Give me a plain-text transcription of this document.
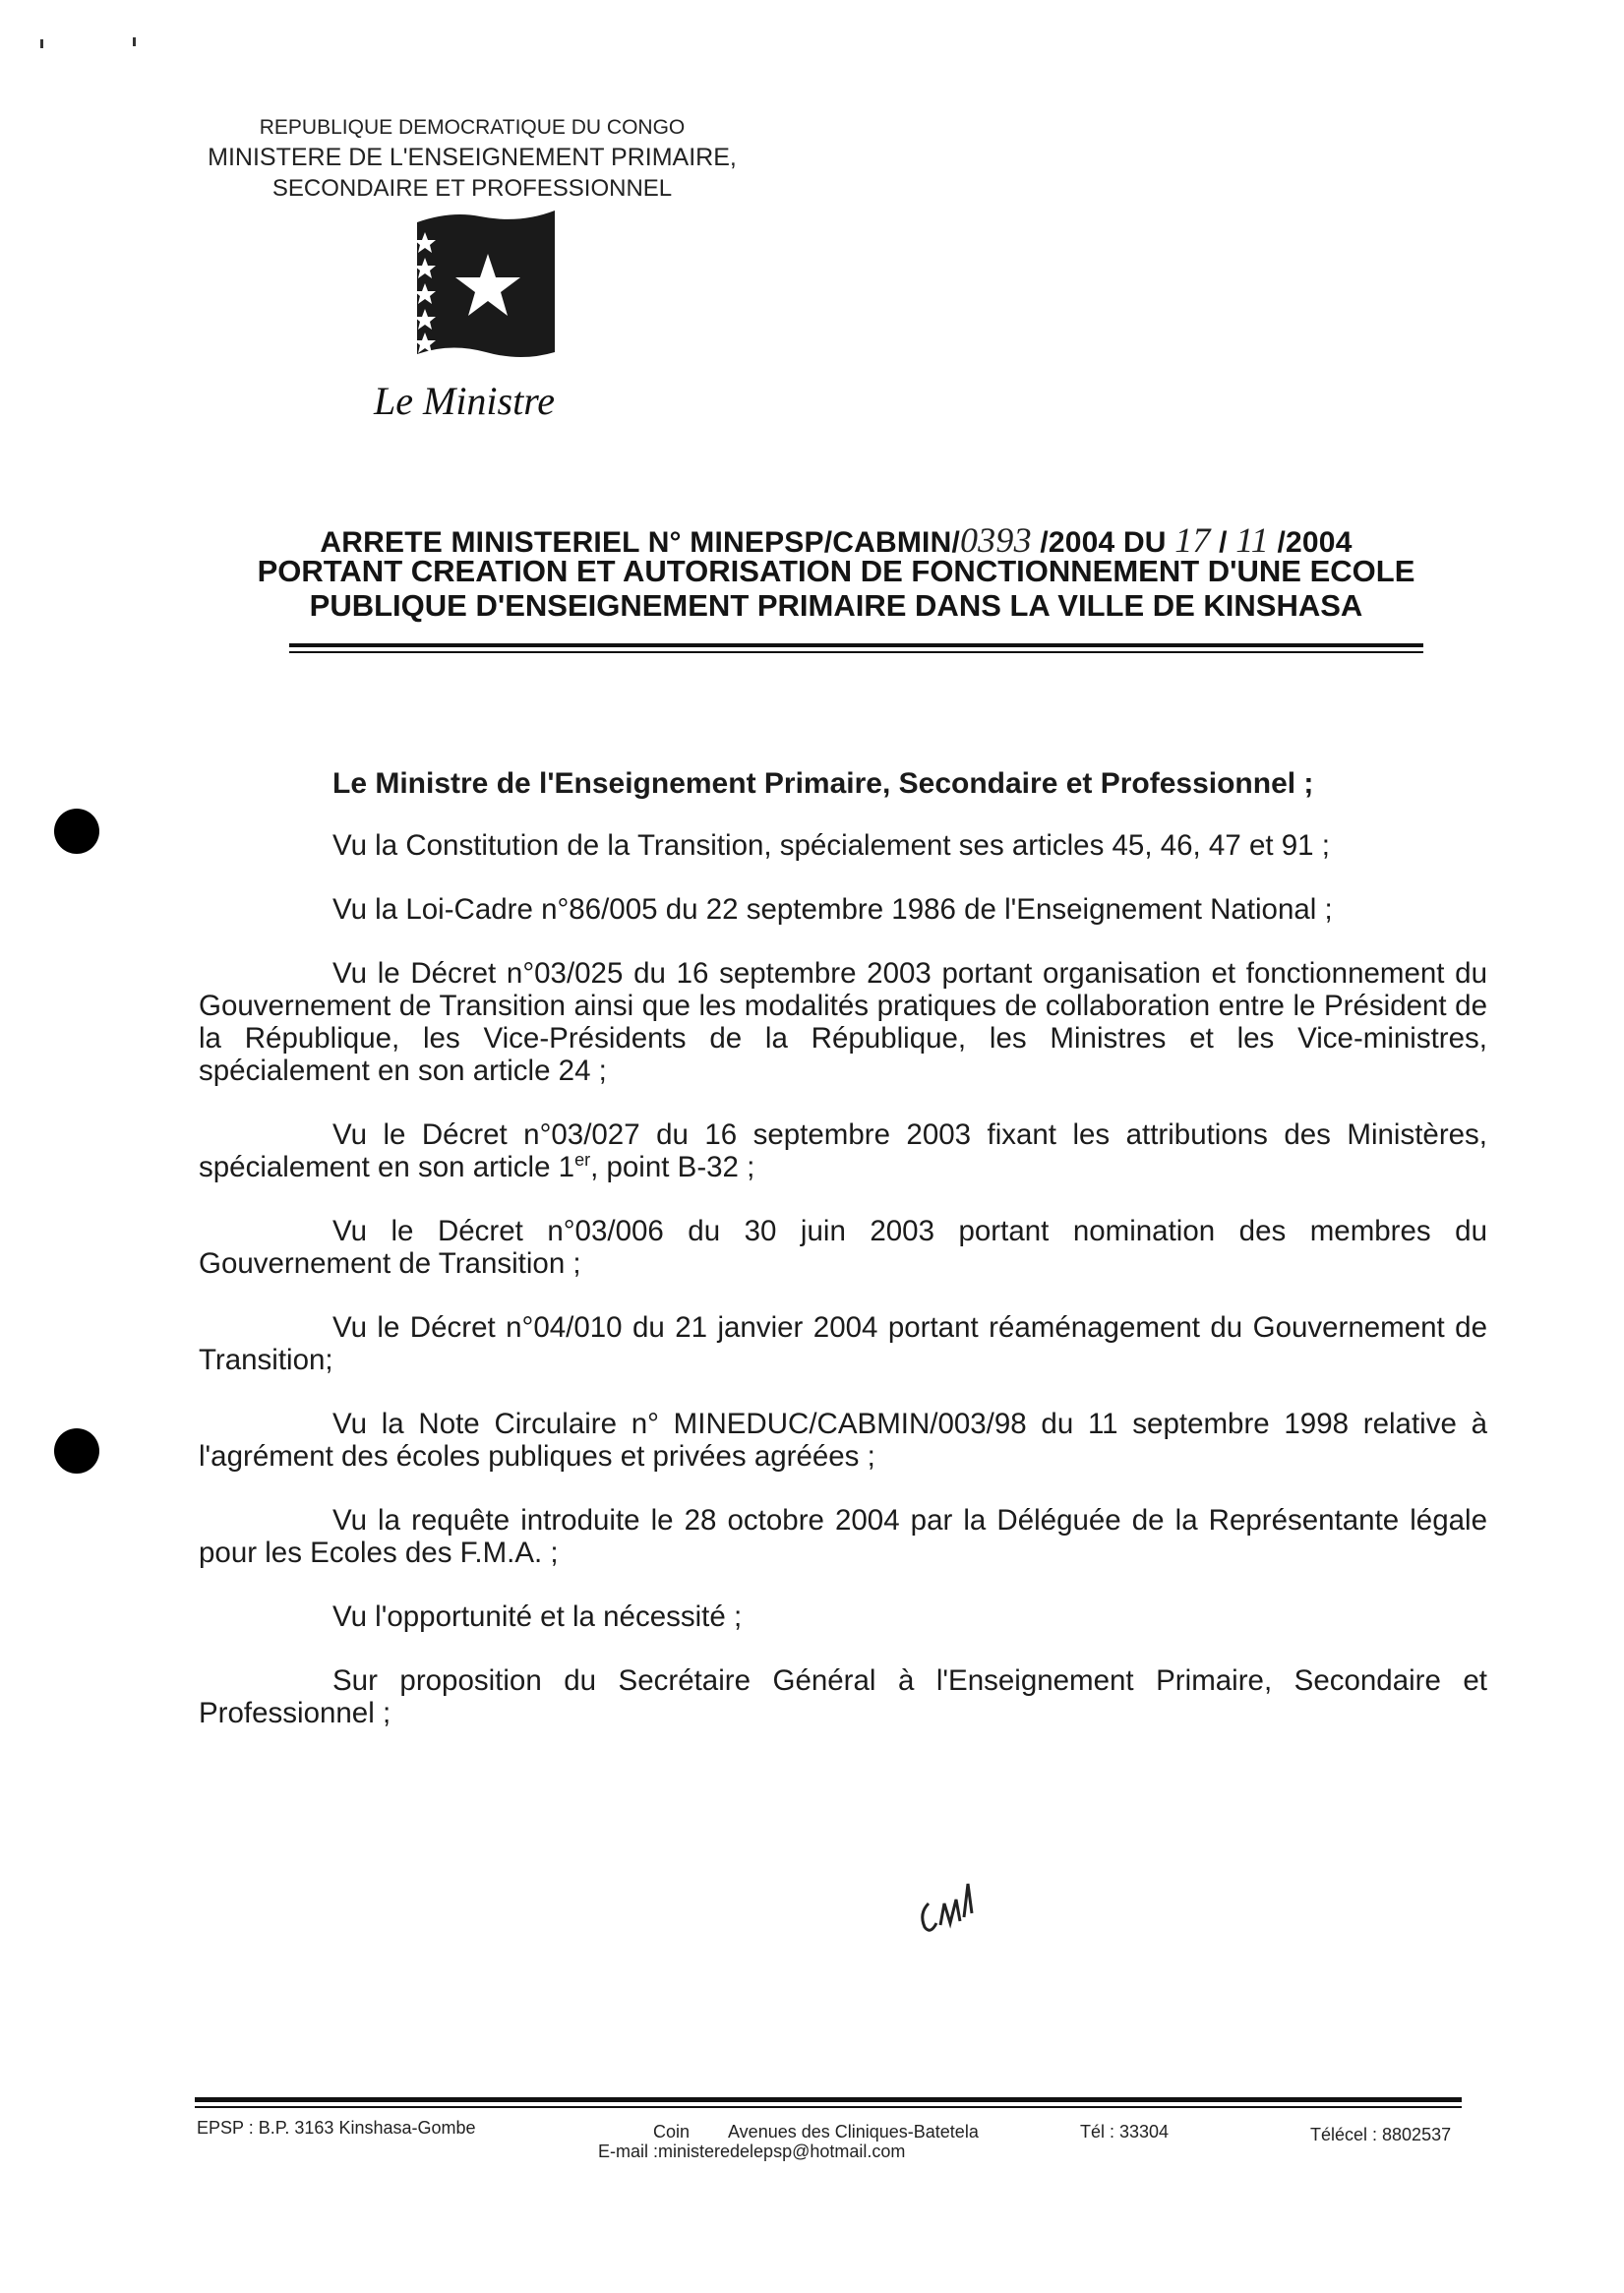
REPUBLIQUE DEMOCRATIQUE DU CONGO
MINISTERE DE L'ENSEIGNEMENT PRIMAIRE,
SECONDAIRE ET PROFESSIONNEL
Le Ministre
ARRETE MINISTERIEL N° MINEPSP/CABMIN/0393 /2004 DU 17 / 11 /2004
PORTANT CREATION ET AUTORISATION DE FONCTIONNEMENT D'UNE ECOLE
PUBLIQUE D'ENSEIGNEMENT PRIMAIRE DANS LA VILLE DE KINSHASA

Le Ministre de l'Enseignement Primaire, Secondaire et Professionnel ;

Vu la Constitution de la Transition, spécialement ses articles 45, 46, 47 et 91 ;

Vu la Loi-Cadre n°86/005 du 22 septembre 1986 de l'Enseignement National ;

Vu le Décret n°03/025 du 16 septembre 2003 portant organisation et fonctionnement du Gouvernement de Transition ainsi que les modalités pratiques de collaboration entre le Président de la République, les Vice-Présidents de la République, les Ministres et les Vice-ministres, spécialement en son article 24 ;

Vu le Décret n°03/027 du 16 septembre 2003 fixant les attributions des Ministères, spécialement en son article 1er, point B-32 ;

Vu le Décret n°03/006 du 30 juin 2003 portant nomination des membres du Gouvernement de Transition ;

Vu le Décret n°04/010 du 21 janvier 2004 portant réaménagement du Gouvernement de Transition;

Vu la Note Circulaire n° MINEDUC/CABMIN/003/98 du 11 septembre 1998 relative à l'agrément des écoles publiques et privées agréées ;

Vu la requête introduite le 28 octobre 2004 par la Déléguée de la Représentante légale pour les Ecoles des F.M.A. ;

Vu l'opportunité et la nécessité ;

Sur proposition du Secrétaire Général à l'Enseignement Primaire, Secondaire et Professionnel ;

EPSP : B.P. 3163 Kinshasa-Gombe	Coin Avenues des Cliniques-Batetela
E-mail :ministeredelepsp@hotmail.com
Tél : 33304	Télécel : 8802537
